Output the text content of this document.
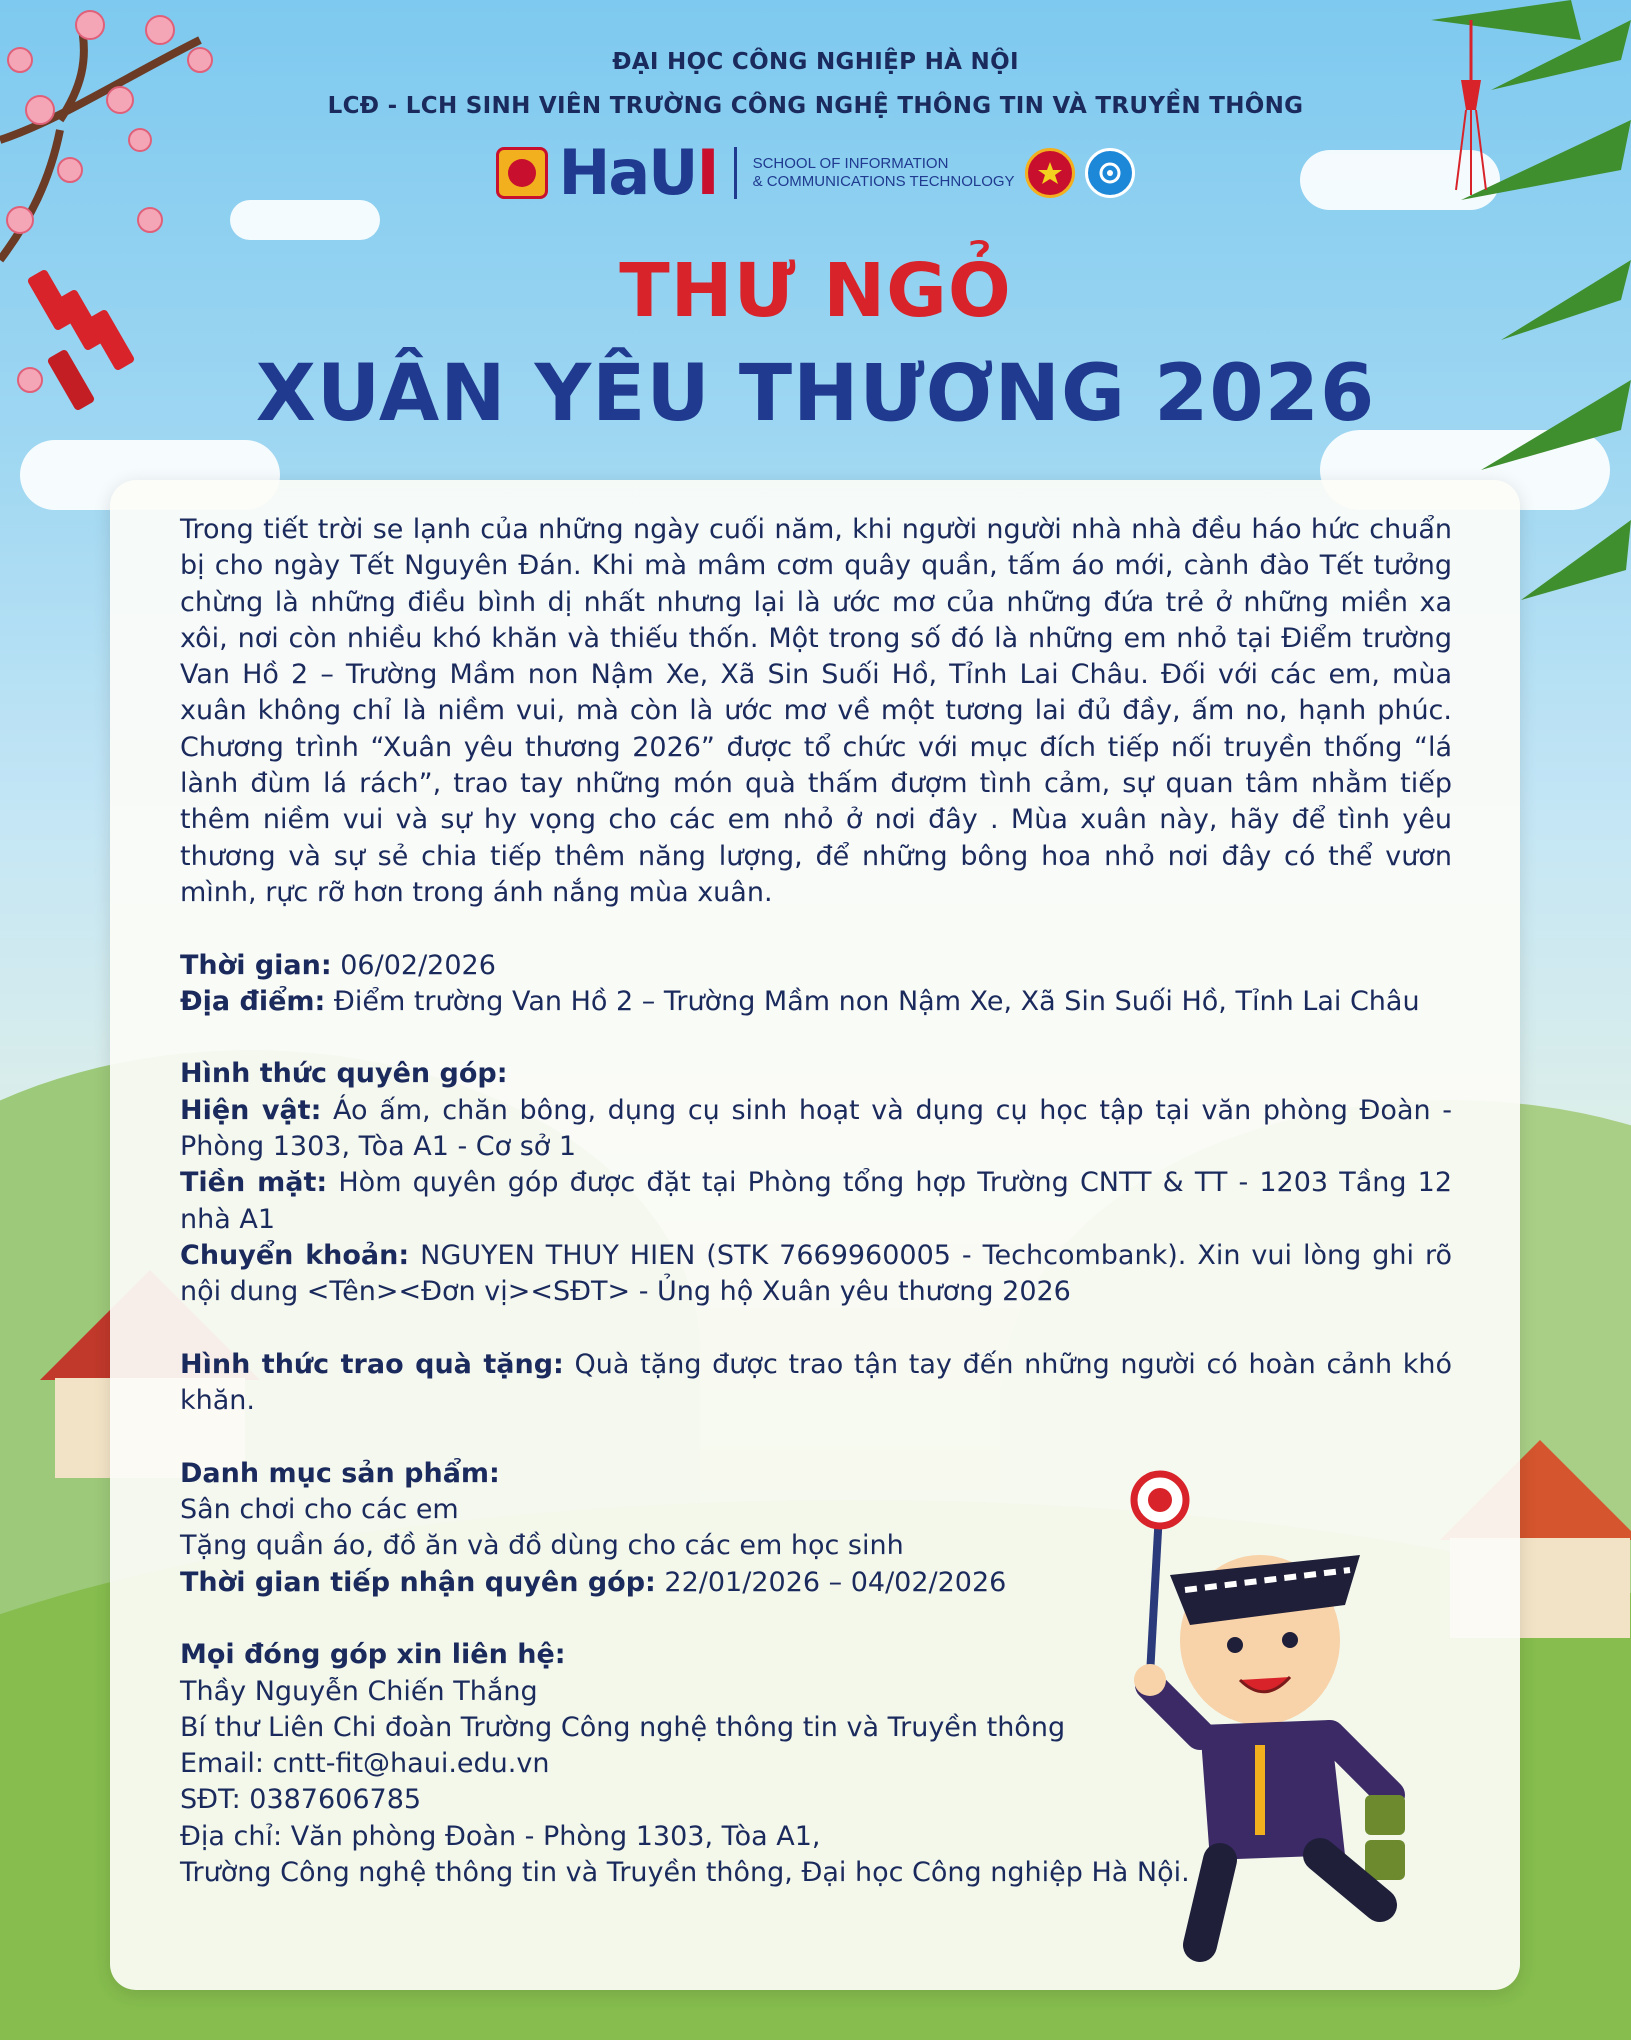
ĐẠI HỌC CÔNG NGHIỆP HÀ NỘI
LCĐ - LCH SINH VIÊN TRƯỜNG CÔNG NGHỆ THÔNG TIN VÀ TRUYỀN THÔNG
HaUI SCHOOL OF INFORMATION
& COMMUNICATIONS TECHNOLOGY
THƯ NGỎ
XUÂN YÊU THƯƠNG 2026

Trong tiết trời se lạnh của những ngày cuối năm, khi người người nhà nhà đều háo hức chuẩn bị cho ngày Tết Nguyên Đán. Khi mà mâm cơm quây quần, tấm áo mới, cành đào Tết tưởng chừng là những điều bình dị nhất nhưng lại là ước mơ của những đứa trẻ ở những miền xa xôi, nơi còn nhiều khó khăn và thiếu thốn. Một trong số đó là những em nhỏ tại Điểm trường Van Hồ 2 – Trường Mầm non Nậm Xe, Xã Sin Suối Hồ, Tỉnh Lai Châu. Đối với các em, mùa xuân không chỉ là niềm vui, mà còn là ước mơ về một tương lai đủ đầy, ấm no, hạnh phúc. Chương trình “Xuân yêu thương 2026” được tổ chức với mục đích tiếp nối truyền thống “lá lành đùm lá rách”, trao tay những món quà thấm đượm tình cảm, sự quan tâm nhằm tiếp thêm niềm vui và sự hy vọng cho các em nhỏ ở nơi đây . Mùa xuân này, hãy để tình yêu thương và sự sẻ chia tiếp thêm năng lượng, để những bông hoa nhỏ nơi đây có thể vươn mình, rực rỡ hơn trong ánh nắng mùa xuân.

Thời gian: 06/02/2026

Địa điểm: Điểm trường Van Hồ 2 – Trường Mầm non Nậm Xe, Xã Sin Suối Hồ, Tỉnh Lai Châu

Hình thức quyên góp:

Hiện vật: Áo ấm, chăn bông, dụng cụ sinh hoạt và dụng cụ học tập tại văn phòng Đoàn - Phòng 1303, Tòa A1 - Cơ sở 1

Tiền mặt: Hòm quyên góp được đặt tại Phòng tổng hợp Trường CNTT & TT - 1203 Tầng 12 nhà A1

Chuyển khoản: NGUYEN THUY HIEN (STK 7669960005 - Techcombank). Xin vui lòng ghi rõ nội dung <Tên><Đơn vị><SĐT> - Ủng hộ Xuân yêu thương 2026

Hình thức trao quà tặng: Quà tặng được trao tận tay đến những người có hoàn cảnh khó khăn.

Danh mục sản phẩm:

Sân chơi cho các em

Tặng quần áo, đồ ăn và đồ dùng cho các em học sinh

Thời gian tiếp nhận quyên góp: 22/01/2026 – 04/02/2026

Mọi đóng góp xin liên hệ:

Thầy Nguyễn Chiến Thắng

Bí thư Liên Chi đoàn Trường Công nghệ thông tin và Truyền thông

Email: cntt-fit@haui.edu.vn

SĐT: 0387606785

Địa chỉ: Văn phòng Đoàn - Phòng 1303, Tòa A1,

Trường Công nghệ thông tin và Truyền thông, Đại học Công nghiệp Hà Nội.
